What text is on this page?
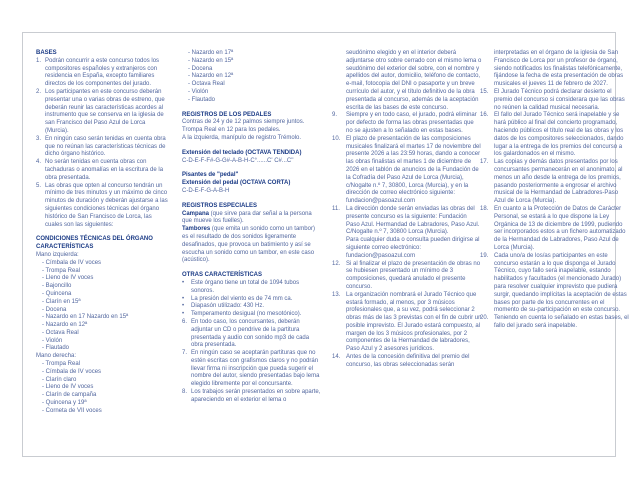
BASES
1. Podrán concurrir a este concurso todos los compositores españoles y extranjeros con residencia en España, excepto familiares directos de los componentes del jurado.
2. Los participantes en este concurso deberán presentar una o varias obras de estreno, que deberán reunir las características acordes al instrumento que se conserva en la iglesia de san Francisco del Paso Azul de Lorca (Murcia).
3. En ningún caso serán tenidas en cuenta obra que no reúnan las características técnicas de dicho órgano histórico.
4. No serán tenidas en cuenta obras con tachaduras o anomalías en la escritura de la obra presentada.
5. Las obras que opten al concurso tendrán un mínimo de tres minutos y un máximo de cinco minutos de duración y deberán ajustarse a las siguientes condiciones técnicas del órgano histórico de San Francisco de Lorca, las cuales son las siguientes:
CONDICIONES TÉCNICAS DEL ÓRGANO
CARACTERÍSTICAS
Mano izquierda:
- Címbala de IV voces
- Trompa Real
- Lleno de IV voces
- Bajoncillo
- Quincena
- Clarín en 15ª
- Docena
- Nazardo en 17 Nazardo en 15ª
- Nazardo en 12ª
- Octava Real
- Violón
- Flautado
Mano derecha:
- Trompa Real
- Címbala de IV voces
- Clarín claro
- Lleno de IV voces
- Clarín de campaña
- Quincena y 19ª
- Corneta de VII voces
- Nazardo en 17ª
- Nazardo en 15ª
- Docena
- Nazardo en 12ª
- Octava Real
- Violón
- Flautado
REGISTROS DE LOS PEDALES
Contras de 24 y de 12 palmos siempre juntos.
Trompa Real en 12 para los pedales.
A la izquierda, manípulo de registro Trémolo.
Extensión del teclado (OCTAVA TENDIDA)
C-D-E-F-F#-G-G#-A-B-H-C°......C' C#...C''
Pisantes de "pedal"
Extensión del pedal (OCTAVA CORTA)
C-D-E-F-G-A-B-H
REGISTROS ESPECIALES
Campana (que sirve para dar señal a la persona que mueve los fuelles).
Tambores (que emita un sonido como un tambor) es el resultado de dos sonidos ligeramente desafinados, que provoca un batimiento y así se escucha un sonido como un tambor, en este caso (acústico).
OTRAS CARACTERÍSTICAS
•	Este órgano tiene un total de 1094 tubos sonoros.
•	La presión del viento es de 74 mm ca.
•	Diapasón utilizado: 430 Hz.
•	Temperamento desigual (no mesotónico).
6. En todo caso, los concursantes, deberán adjuntar un CD o pendrive de la partitura presentada y audio con sonido mp3 de cada obra presentada.
7. En ningún caso se aceptarán partituras que no estén escritas con grafismos claros y no podrán llevar firma ni inscripción que pueda sugerir el nombre del autor, siendo presentadas bajo lema elegido libremente por el concursante.
8. Los trabajos serán presentados en sobre aparte, apareciendo en el exterior el lema o
seudónimo elegido y en el interior deberá adjuntarse otro sobre cerrado con el mismo lema o seudónimo del exterior del sobre, con el nombre y apellidos del autor, domicilio, teléfono de contacto, e-mail, fotocopia del DNI o pasaporte y un breve currículo del autor, y el título definitivo de la obra presentada al concurso, además de la aceptación escrita de las bases de este concurso.
9.	Siempre y en todo caso, el jurado, podrá eliminar por defecto de forma las obras presentadas que no se ajusten a lo señalado en estas bases.
10. El plazo de presentación de las composiciones musicales finalizará el martes 17 de noviembre del presente 2026 a las 23:59 horas, dando a conocer las obras finalistas el martes 1 de diciembre de 2026 en el tablón de anuncios de la Fundación de la Cofradía del Paso Azul de Lorca (Murcia), c/Nogalte n.º 7, 30800, Lorca (Murcia), y en la dirección de correo electrónico siguiente: fundacion@pasoazul.com
11.	La dirección donde serán enviadas las obras del presente concurso es la siguiente: Fundación Paso Azul. Hermandad de Labradores, Paso Azul. C/Nogalte n.º 7, 30800 Lorca (Murcia).
Para cualquier duda o consulta pueden dirigirse al siguiente correo electrónico: fundacion@pasoazul.com
12. Si al finalizar el plazo de presentación de obras no se hubiesen presentado un mínimo de 3 composiciones, quedará anulado el presente concurso.
13. La organización nombrará el Jurado Técnico que estará formado, al menos, por 3 músicos profesionales que, a su vez, podrá seleccionar 2 obras más de las 3 previstas con el fin de cubrir un posible imprevisto. El Jurado estará compuesto, al margen de los 3 músicos profesionales, por 2 componentes de la Hermandad de labradores, Paso Azul y 2 asesores jurídicos.
14. Antes de la concesión definitiva del premio del concurso, las obras seleccionadas serán
interpretadas en el órgano de la iglesia de San Francisco de Lorca por un profesor de órgano, siendo notificados los finalistas telefónicamente, fijándose la fecha de esta presentación de obras musicales el jueves 11 de febrero de 2027.
15. El Jurado Técnico podrá declarar desierto el premio del concurso si considerara que las obras no reúnen la calidad musical necesaria.
16. El fallo del Jurado Técnico será inapelable y se hará público al final del concierto programado, haciendo públicos el título real de las obras y los datos de los compositores seleccionados, dando lugar a la entrega de los premios del concurso a los galardonados en el mismo.
17. Las copias y demás datos presentados por los concursantes permanecerán en el anonimato, al menos un año desde la entrega de los premios, pasando posteriormente a engrosar el archivo musical de la Hermandad de Labradores-Paso Azul de Lorca (Murcia).
18. En cuanto a la Protección de Datos de Carácter Personal, se estará a lo que dispone la Ley Orgánica de 13 de diciembre de 1999, pudiendo ser incorporados estos a un fichero automatizado de la Hermandad de Labradores, Paso Azul de Lorca (Murcia).
19. Cada uno/a de los/as participantes en este concurso estarán a lo que disponga el Jurado Técnico, cuyo fallo será inapelable, estando habilitados y facultados (el mencionado Jurado) para resolver cualquier imprevisto que pudiera surgir, quedando implícitas la aceptación de estas bases por parte de los concurrentes en el momento de su-participación en este concurso.
20. Teniendo en cuenta lo señalado en estas bases, el fallo del jurado será inapelable.
